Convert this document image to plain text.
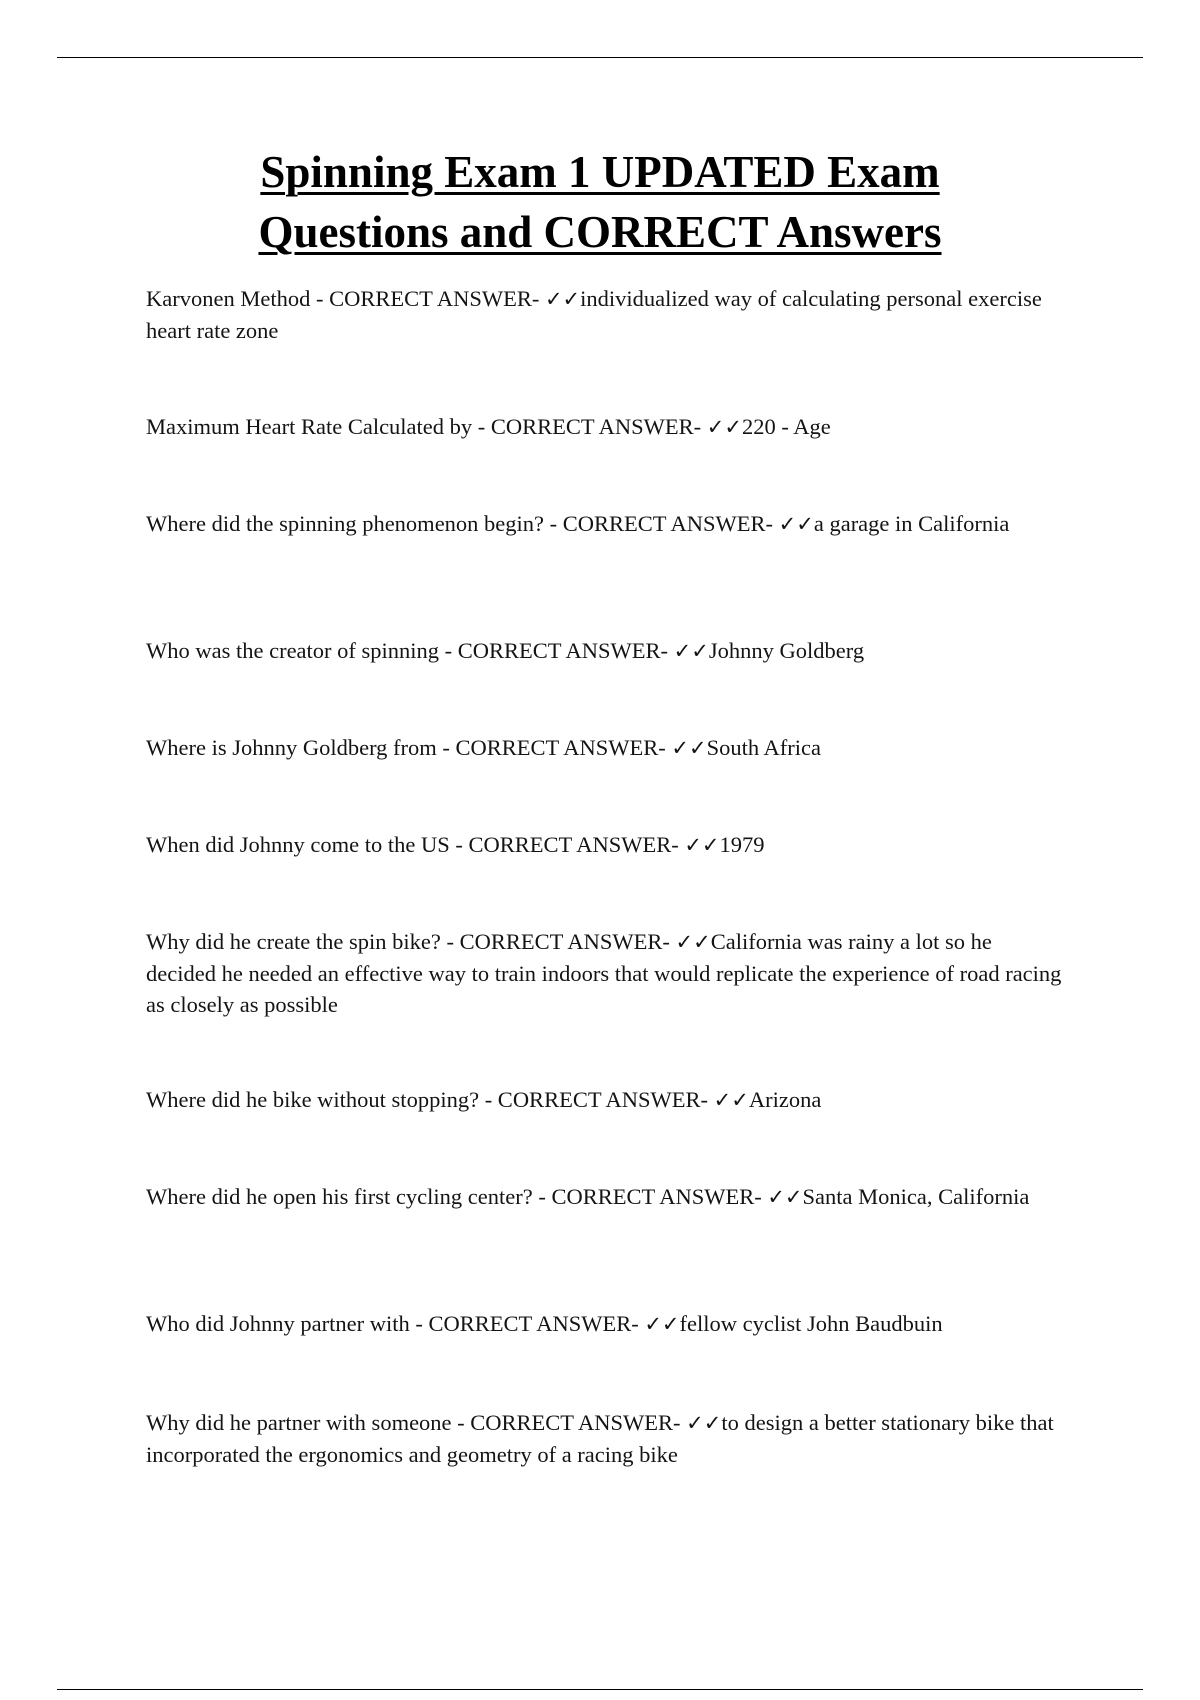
Spinning Exam 1 UPDATED Exam
Questions and CORRECT Answers

Karvonen Method - CORRECT ANSWER- ✓✓individualized way of calculating personal exercise heart rate zone

Maximum Heart Rate Calculated by - CORRECT ANSWER- ✓✓220 - Age

Where did the spinning phenomenon begin? - CORRECT ANSWER- ✓✓a garage in California

Who was the creator of spinning - CORRECT ANSWER- ✓✓Johnny Goldberg

Where is Johnny Goldberg from - CORRECT ANSWER- ✓✓South Africa

When did Johnny come to the US - CORRECT ANSWER- ✓✓1979

Why did he create the spin bike? - CORRECT ANSWER- ✓✓California was rainy a lot so he decided he needed an effective way to train indoors that would replicate the experience of road racing as closely as possible

Where did he bike without stopping? - CORRECT ANSWER- ✓✓Arizona

Where did he open his first cycling center? - CORRECT ANSWER- ✓✓Santa Monica, California

Who did Johnny partner with - CORRECT ANSWER- ✓✓fellow cyclist John Baudbuin

Why did he partner with someone - CORRECT ANSWER- ✓✓to design a better stationary bike that incorporated the ergonomics and geometry of a racing bike
